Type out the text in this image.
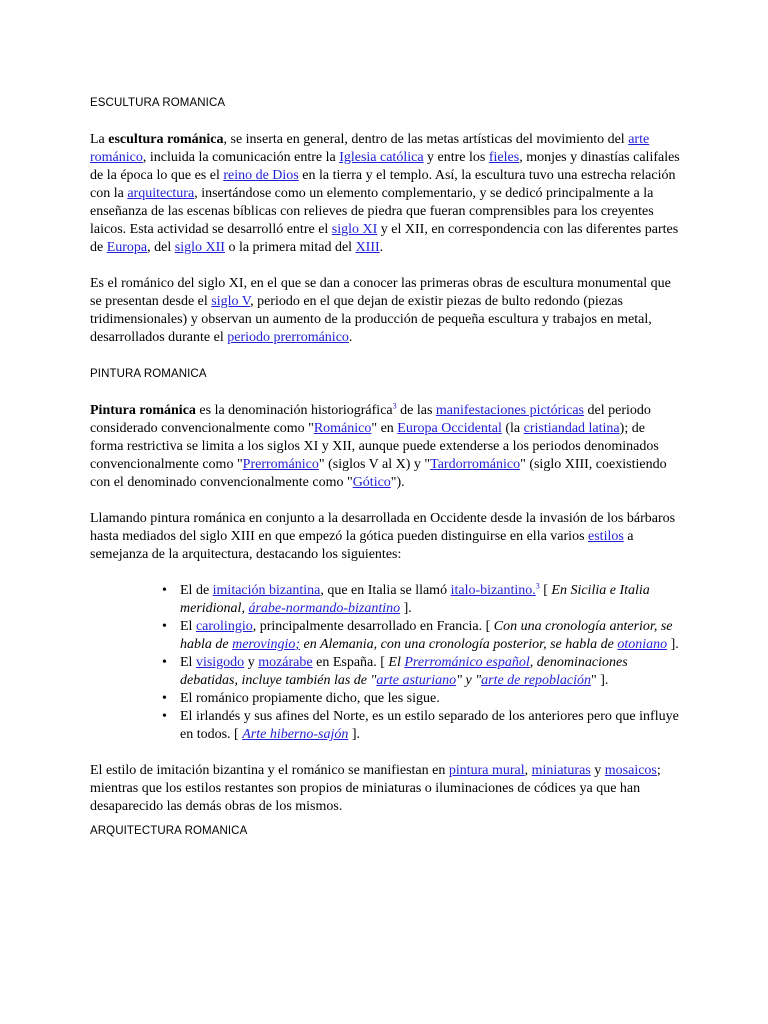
ESCULTURA ROMANICA

La escultura románica, se inserta en general, dentro de las metas artísticas del movimiento del arte románico, incluida la comunicación entre la Iglesia católica y entre los fieles, monjes y dinastías califales de la época lo que es el reino de Dios en la tierra y el templo. Así, la escultura tuvo una estrecha relación con la arquitectura, insertándose como un elemento complementario, y se dedicó principalmente a la enseñanza de las escenas bíblicas con relieves de piedra que fueran comprensibles para los creyentes laicos. Esta actividad se desarrolló entre el siglo XI y el XII, en correspondencia con las diferentes partes de Europa, del siglo XII o la primera mitad del XIII.

Es el románico del siglo XI, en el que se dan a conocer las primeras obras de escultura monumental que se presentan desde el siglo V, periodo en el que dejan de existir piezas de bulto redondo (piezas tridimensionales) y observan un aumento de la producción de pequeña escultura y trabajos en metal, desarrollados durante el periodo prerrománico.

PINTURA ROMANICA

Pintura románica es la denominación historiográfica$^3$ de las manifestaciones pictóricas del periodo considerado convencionalmente como "Románico" en Europa Occidental (la cristiandad latina); de forma restrictiva se limita a los siglos XI y XII, aunque puede extenderse a los periodos denominados convencionalmente como "Prerrománico" (siglos V al X) y "Tardorrománico" (siglo XIII, coexistiendo con el denominado convencionalmente como "Gótico").

Llamando pintura románica en conjunto a la desarrollada en Occidente desde la invasión de los bárbaros hasta mediados del siglo XIII en que empezó la gótica pueden distinguirse en ella varios estilos a semejanza de la arquitectura, destacando los siguientes:

• El de imitación bizantina, que en Italia se llamó italo-bizantino.$^3$ [ En Sicilia e Italia meridional, árabe-normando-bizantino ].
• El carolingio, principalmente desarrollado en Francia. [ Con una cronología anterior, se habla de merovingio; en Alemania, con una cronología posterior, se habla de otoniano ].
• El visigodo y mozárabe en España. [ El Prerrománico español, denominaciones debatidas, incluye también las de "arte asturiano" y "arte de repoblación" ].
• El románico propiamente dicho, que les sigue.
• El irlandés y sus afines del Norte, es un estilo separado de los anteriores pero que influye en todos. [ Arte hiberno-sajón ].

El estilo de imitación bizantina y el románico se manifiestan en pintura mural, miniaturas y mosaicos; mientras que los estilos restantes son propios de miniaturas o iluminaciones de códices ya que han desaparecido las demás obras de los mismos.

ARQUITECTURA ROMANICA
